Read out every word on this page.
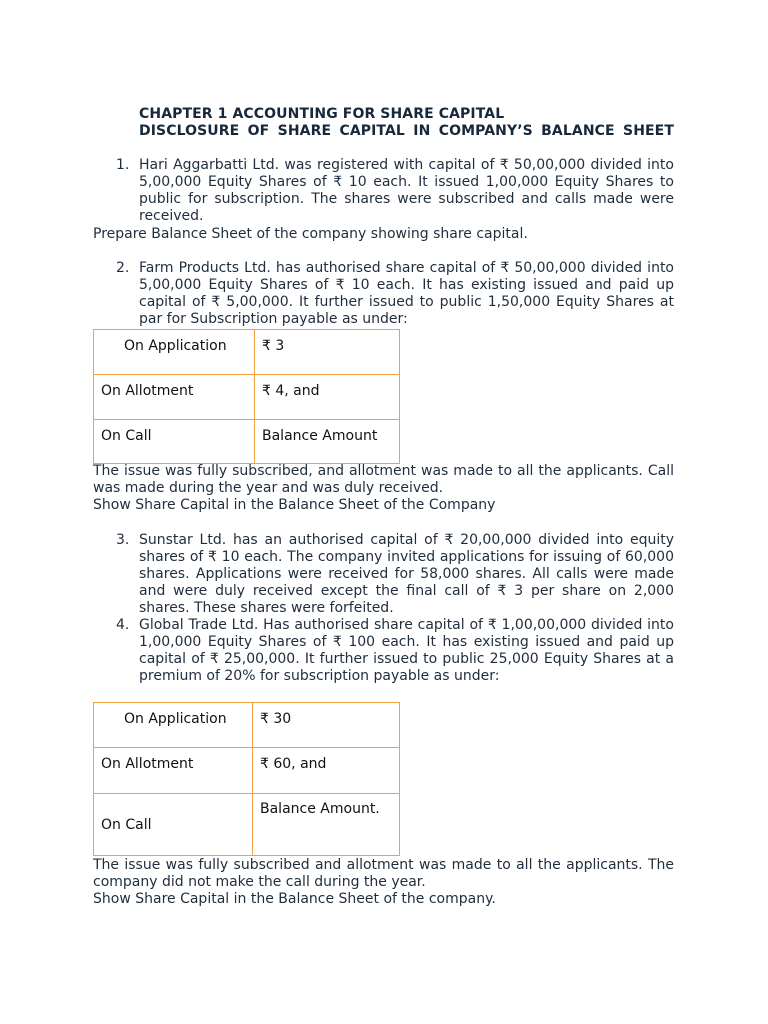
CHAPTER 1 ACCOUNTING FOR SHARE CAPITAL
DISCLOSURE OF SHARE CAPITAL IN COMPANY’S BALANCE SHEET
1. Hari Aggarbatti Ltd. was registered with capital of ₹ 50,00,000 divided into 5,00,000 Equity Shares of ₹ 10 each. It issued 1,00,000 Equity Shares to public for subscription. The shares were subscribed and calls made were received.
Prepare Balance Sheet of the company showing share capital.
2. Farm Products Ltd. has authorised share capital of ₹ 50,00,000 divided into 5,00,000 Equity Shares of ₹ 10 each. It has existing issued and paid up capital of ₹ 5,00,000. It further issued to public 1,50,000 Equity Shares at par for Subscription payable as under:
On Application	₹ 3
On Allotment	₹ 4, and
On Call	Balance Amount
The issue was fully subscribed, and allotment was made to all the applicants. Call was made during the year and was duly received.
Show Share Capital in the Balance Sheet of the Company
3. Sunstar Ltd. has an authorised capital of ₹ 20,00,000 divided into equity shares of ₹ 10 each. The company invited applications for issuing of 60,000 shares. Applications were received for 58,000 shares. All calls were made and were duly received except the final call of ₹ 3 per share on 2,000 shares. These shares were forfeited.
4. Global Trade Ltd. Has authorised share capital of ₹ 1,00,00,000 divided into 1,00,000 Equity Shares of ₹ 100 each. It has existing issued and paid up capital of ₹ 25,00,000. It further issued to public 25,000 Equity Shares at a premium of 20% for subscription payable as under:
On Application	₹ 30
On Allotment	₹ 60, and
On Call	Balance Amount.
The issue was fully subscribed and allotment was made to all the applicants. The company did not make the call during the year.
Show Share Capital in the Balance Sheet of the company.
